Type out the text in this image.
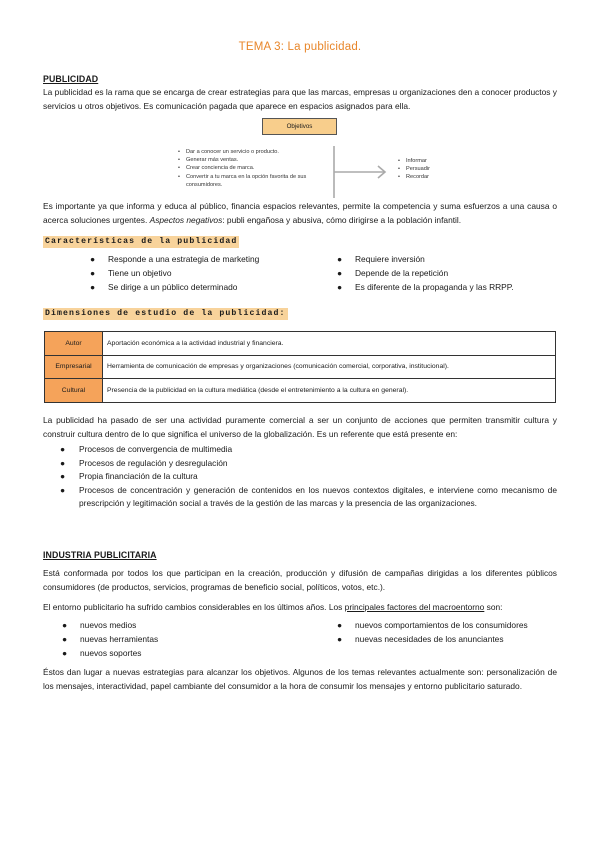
TEMA 3: La publicidad.
PUBLICIDAD
La publicidad es la rama que se encarga de crear estrategias para que las marcas, empresas u organizaciones den a conocer productos y servicios u otros objetivos. Es comunicación pagada que aparece en espacios asignados para ella.
Objetivos
• Dar a conocer un servicio o producto.
• Generar más ventas.
• Crear conciencia de marca.
• Convertir a tu marca en la opción favorita de sus consumidores.
• Informar
• Persuadir
• Recordar
Es importante ya que informa y educa al público, financia espacios relevantes, permite la competencia y suma esfuerzos a una causa o acerca soluciones urgentes. Aspectos negativos: publi engañosa y abusiva, cómo dirigirse a la población infantil.
Características de la publicidad
● Responde a una estrategia de marketing
● Tiene un objetivo
● Se dirige a un público determinado
● Requiere inversión
● Depende de la repetición
● Es diferente de la propaganda y las RRPP.
Dimensiones de estudio de la publicidad:
Autor	Aportación económica a la actividad industrial y financiera.
Empresarial	Herramienta de comunicación de empresas y organizaciones (comunicación comercial, corporativa, institucional).
Cultural	Presencia de la publicidad en la cultura mediática (desde el entretenimiento a la cultura en general).
La publicidad ha pasado de ser una actividad puramente comercial a ser un conjunto de acciones que permiten transmitir cultura y construir cultura dentro de lo que significa el universo de la globalización. Es un referente que está presente en:
● Procesos de convergencia de multimedia
● Procesos de regulación y desregulación
● Propia financiación de la cultura
● Procesos de concentración y generación de contenidos en los nuevos contextos digitales, e interviene como mecanismo de prescripción y legitimación social a través de la gestión de las marcas y la presencia de las organizaciones.
INDUSTRIA PUBLICITARIA
Está conformada por todos los que participan en la creación, producción y difusión de campañas dirigidas a los diferentes públicos consumidores (de productos, servicios, programas de beneficio social, políticos, votos, etc.).
El entorno publicitario ha sufrido cambios considerables en los últimos años. Los principales factores del macroentorno son:
● nuevos medios
● nuevas herramientas
● nuevos soportes
● nuevos comportamientos de los consumidores
● nuevas necesidades de los anunciantes
Éstos dan lugar a nuevas estrategias para alcanzar los objetivos. Algunos de los temas relevantes actualmente son: personalización de los mensajes, interactividad, papel cambiante del consumidor a la hora de consumir los mensajes y entorno publicitario saturado.
